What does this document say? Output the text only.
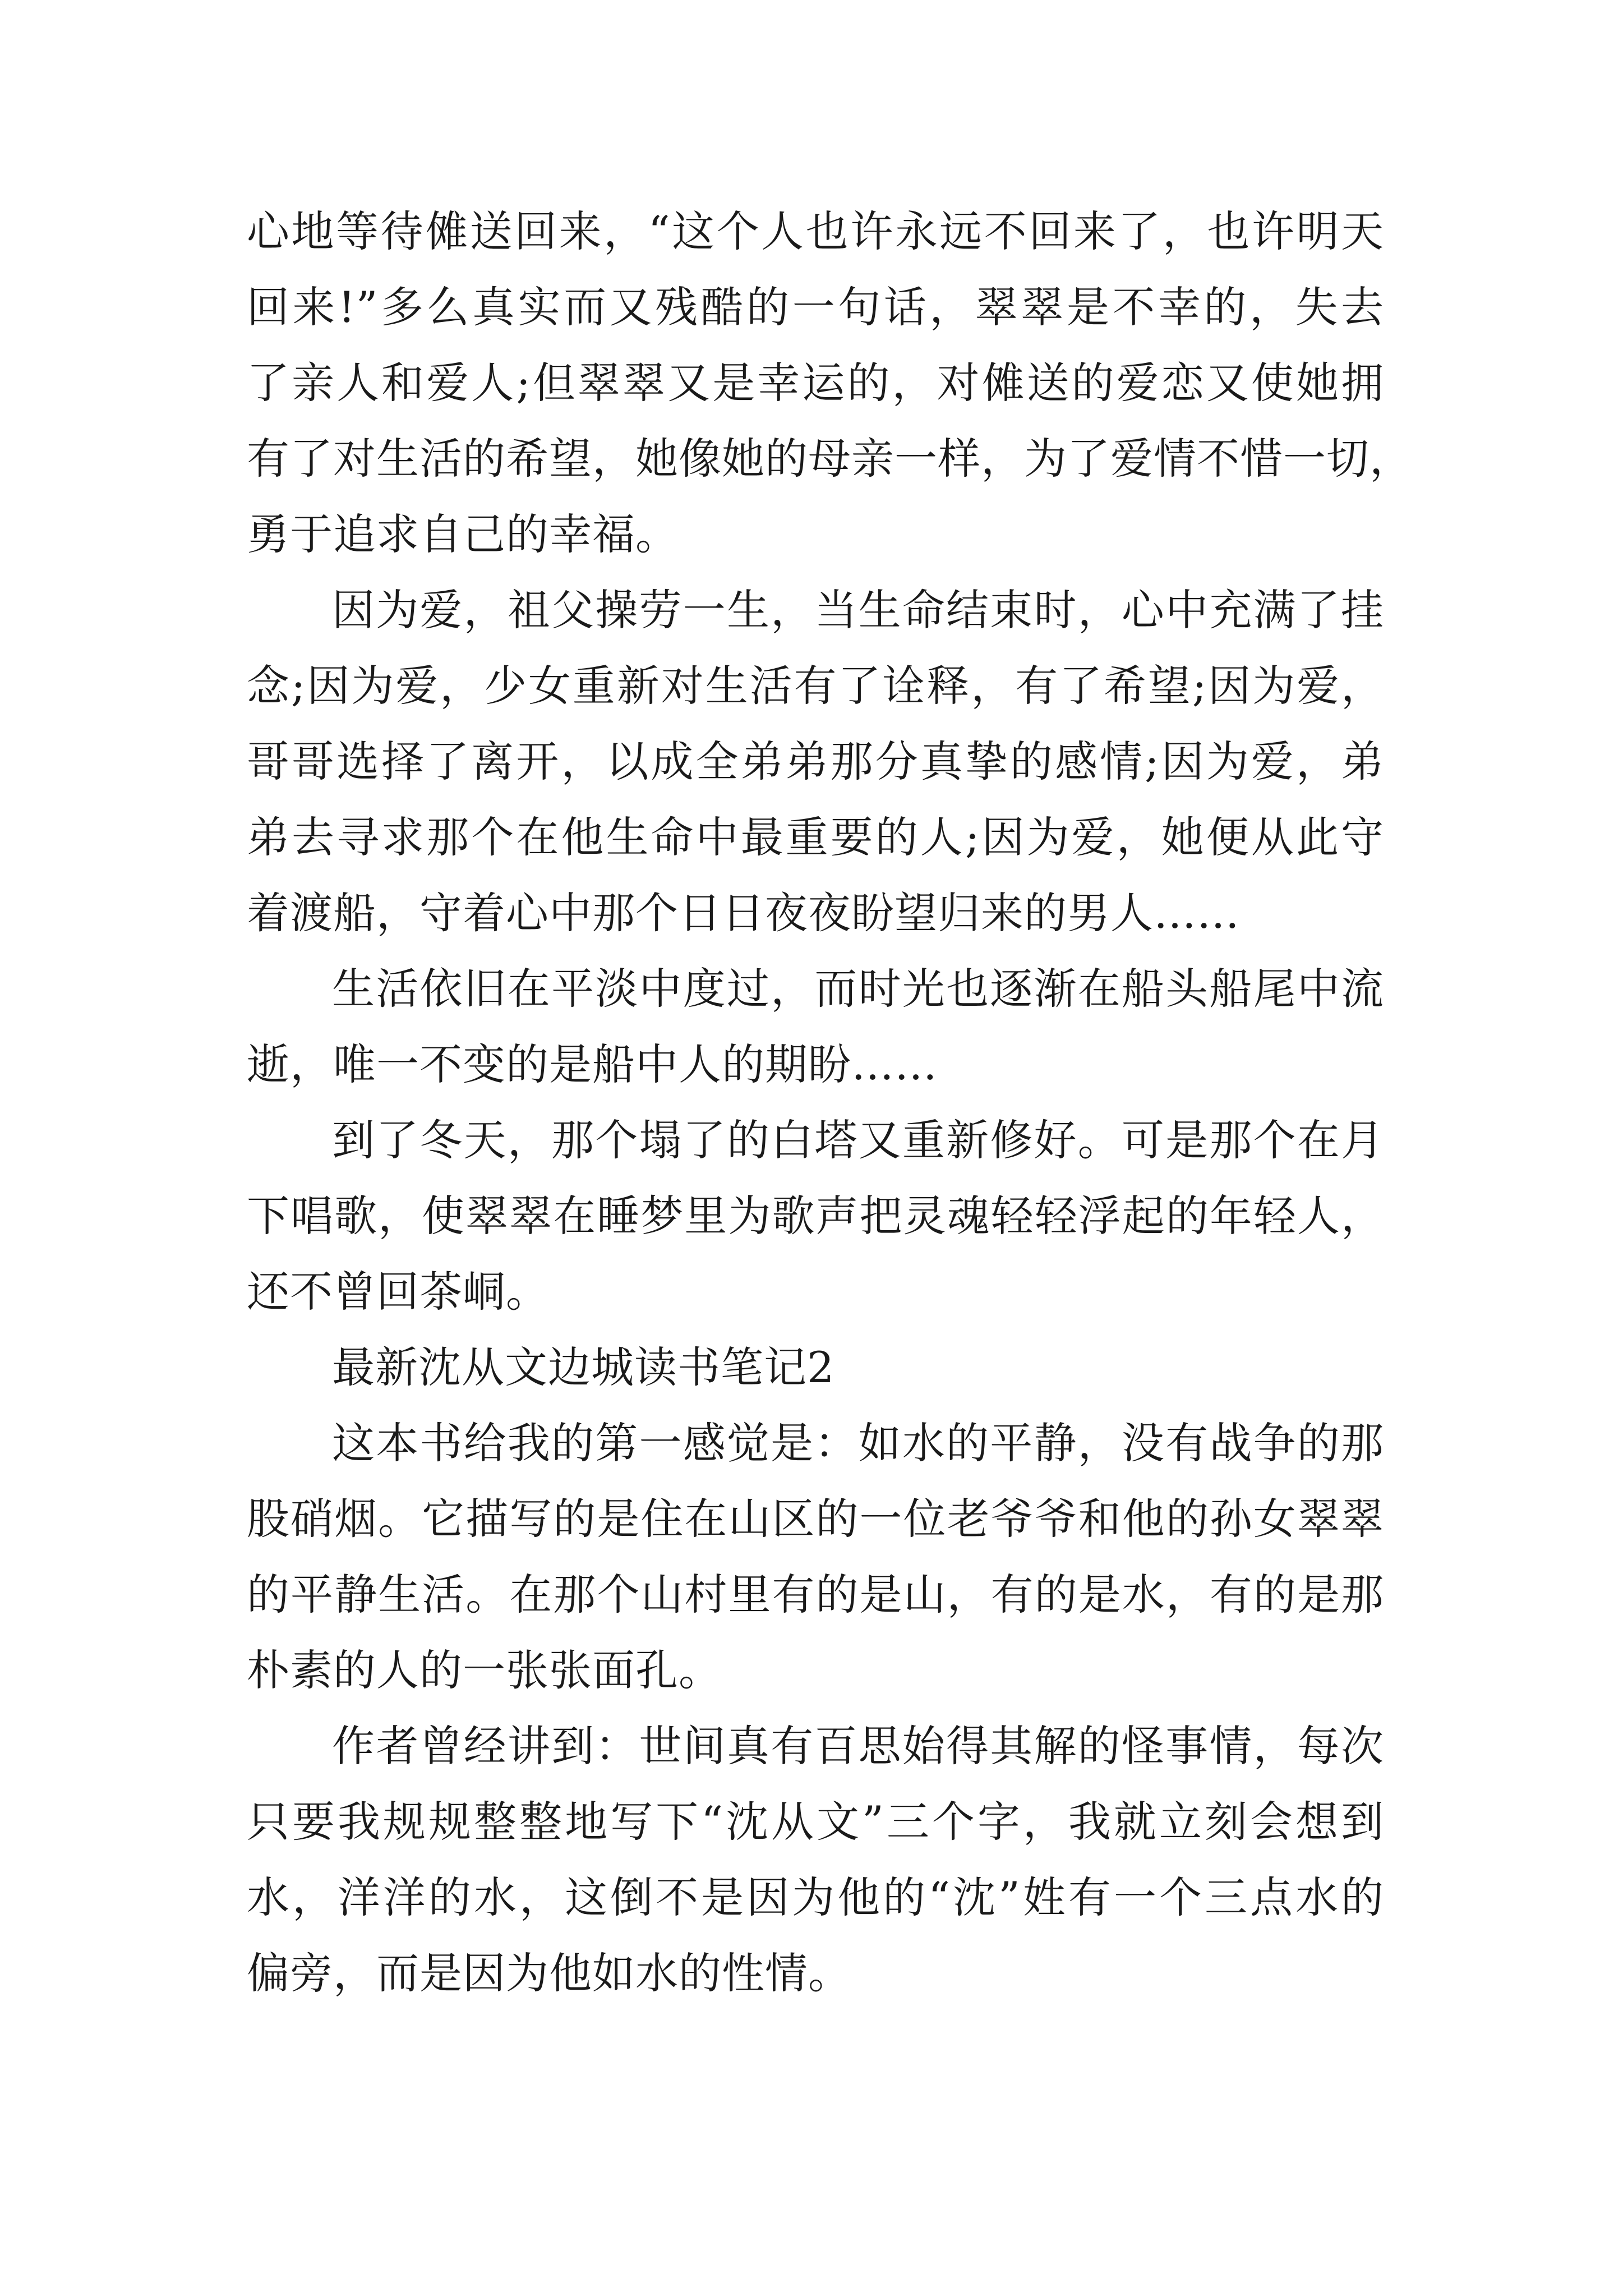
心地等待傩送回来，“这个人也许永远不回来了，也许明天
回来!”多么真实而又残酷的一句话，翠翠是不幸的，失去
了亲人和爱人;但翠翠又是幸运的，对傩送的爱恋又使她拥
有了对生活的希望，她像她的母亲一样，为了爱情不惜一切，
勇于追求自己的幸福。
因为爱，祖父操劳一生，当生命结束时，心中充满了挂
念;因为爱，少女重新对生活有了诠释，有了希望;因为爱，
哥哥选择了离开，以成全弟弟那分真挚的感情;因为爱，弟
弟去寻求那个在他生命中最重要的人;因为爱，她便从此守
着渡船，守着心中那个日日夜夜盼望归来的男人……
生活依旧在平淡中度过，而时光也逐渐在船头船尾中流
逝，唯一不变的是船中人的期盼……
到了冬天，那个塌了的白塔又重新修好。可是那个在月
下唱歌，使翠翠在睡梦里为歌声把灵魂轻轻浮起的年轻人，
还不曾回茶峒。
最新沈从文边城读书笔记2
这本书给我的第一感觉是：如水的平静，没有战争的那
股硝烟。它描写的是住在山区的一位老爷爷和他的孙女翠翠
的平静生活。在那个山村里有的是山，有的是水，有的是那
朴素的人的一张张面孔。
作者曾经讲到：世间真有百思始得其解的怪事情，每次
只要我规规整整地写下“沈从文”三个字，我就立刻会想到
水，洋洋的水，这倒不是因为他的“沈”姓有一个三点水的
偏旁，而是因为他如水的性情。
